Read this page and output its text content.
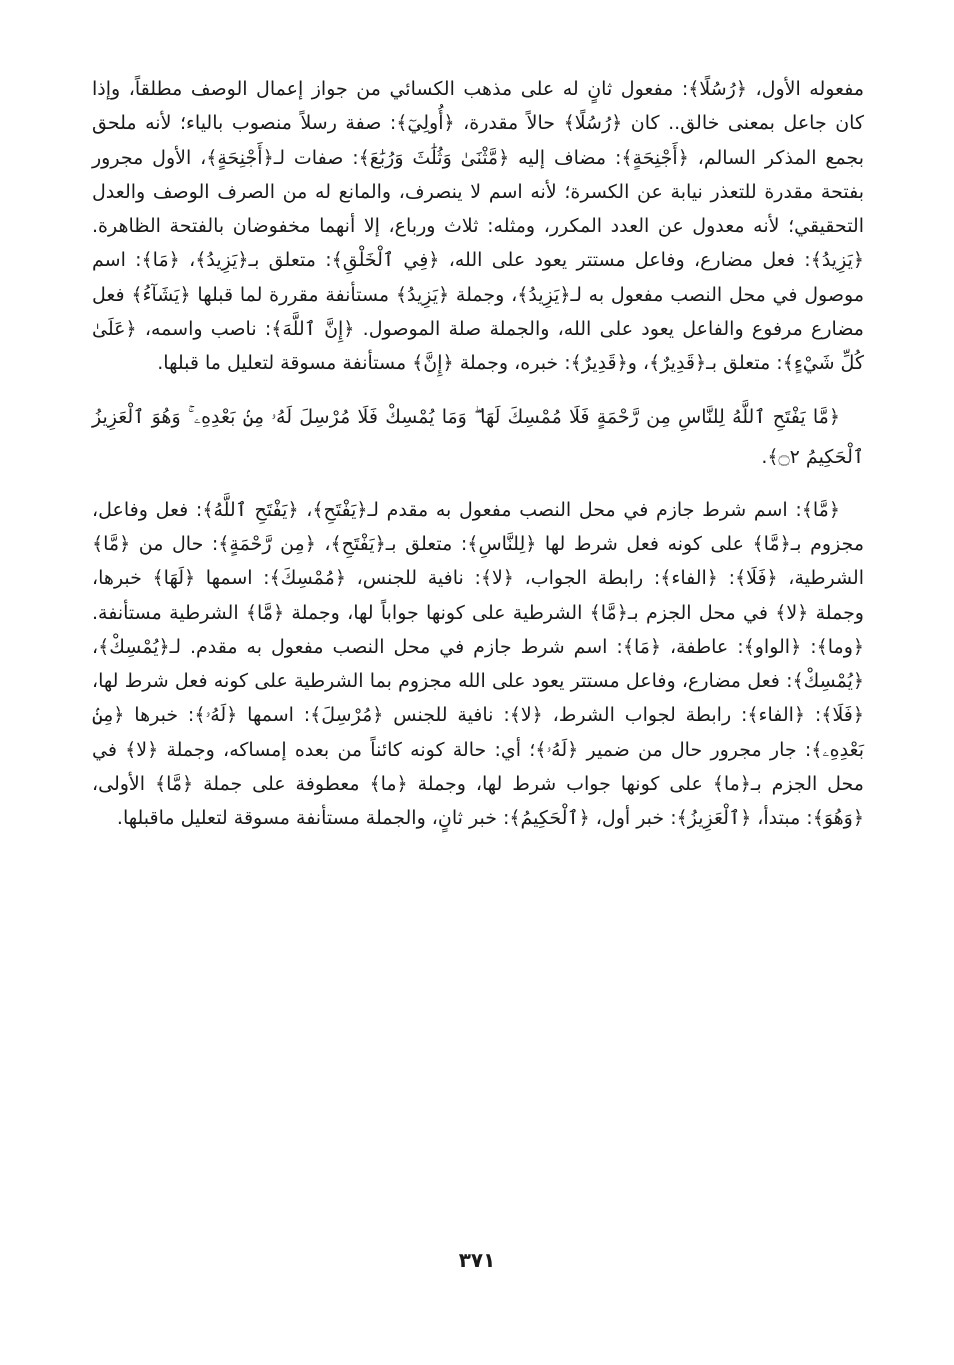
مفعوله الأول، ﴿رُسُلًا﴾: مفعول ثانٍ له على مذهب الكسائي من جواز إعمال الوصف مطلقاً، وإذا كان جاعل بمعنى خالق.. كان ﴿رُسُلًا﴾ حالاً مقدرة، ﴿أُولِيٓ﴾: صفة رسلاً منصوب بالياء؛ لأنه ملحق بجمع المذكر السالم، ﴿أَجْنِحَةٍ﴾: مضاف إليه ﴿مَّثْنَىٰ وَثُلَٰثَ وَرُبَٰعَ﴾: صفات لـ﴿أَجْنِحَةٍ﴾، الأول مجرور بفتحة مقدرة للتعذر نيابة عن الكسرة؛ لأنه اسم لا ينصرف، والمانع له من الصرف الوصف والعدل التحقيقي؛ لأنه معدول عن العدد المكرر، ومثله: ثلاث ورباع، إلا أنهما مخفوضان بالفتحة الظاهرة. ﴿يَزِيدُ﴾: فعل مضارع، وفاعل مستتر يعود على الله، ﴿فِي ٱلْخَلْقِ﴾: متعلق بـ﴿يَزِيدُ﴾، ﴿مَا﴾: اسم موصول في محل النصب مفعول به لـ﴿يَزِيدُ﴾، وجملة ﴿يَزِيدُ﴾ مستأنفة مقررة لما قبلها ﴿يَشَآءُ﴾ فعل مضارع مرفوع والفاعل يعود على الله، والجملة صلة الموصول. ﴿إِنَّ ٱللَّهَ﴾: ناصب واسمه، ﴿عَلَىٰ كُلِّ شَيْءٍ﴾: متعلق بـ﴿قَدِيرٌ﴾، و﴿قَدِيرٌ﴾: خبره، وجملة ﴿إِنَّ﴾ مستأنفة مسوقة لتعليل ما قبلها.

﴿مَّا يَفْتَحِ ٱللَّهُ لِلنَّاسِ مِن رَّحْمَةٍ فَلَا مُمْسِكَ لَهَا ۖ وَمَا يُمْسِكْ فَلَا مُرْسِلَ لَهُۥ مِنۢ بَعْدِهِۦ ۚ وَهُوَ ٱلْعَزِيزُ ٱلْحَكِيمُ ۝٢﴾.

﴿مَّا﴾: اسم شرط جازم في محل النصب مفعول به مقدم لـ﴿يَفْتَحِ﴾، ﴿يَفْتَحِ ٱللَّهُ﴾: فعل وفاعل، مجزوم بـ﴿مَّا﴾ على كونه فعل شرط لها ﴿لِلنَّاسِ﴾: متعلق بـ﴿يَفْتَحِ﴾، ﴿مِن رَّحْمَةٍ﴾: حال من ﴿مَّا﴾ الشرطية، ﴿فَلَا﴾: ﴿الفاء﴾: رابطة الجواب، ﴿لا﴾: نافية للجنس، ﴿مُمْسِكَ﴾: اسمها ﴿لَهَا﴾ خبرها، وجملة ﴿لا﴾ في محل الجزم بـ﴿مَّا﴾ الشرطية على كونها جواباً لها، وجملة ﴿مَّا﴾ الشرطية مستأنفة. ﴿وما﴾: ﴿الواو﴾: عاطفة، ﴿مَا﴾: اسم شرط جازم في محل النصب مفعول به مقدم. لـ﴿يُمْسِكْ﴾، ﴿يُمْسِكْ﴾: فعل مضارع، وفاعل مستتر يعود على الله مجزوم بما الشرطية على كونه فعل شرط لها، ﴿فَلَا﴾: ﴿الفاء﴾: رابطة لجواب الشرط، ﴿لا﴾: نافية للجنس ﴿مُرْسِلَ﴾: اسمها ﴿لَهُۥ﴾: خبرها ﴿مِنۢ بَعْدِهِۦ﴾: جار مجرور حال من ضمير ﴿لَهُۥ﴾؛ أي: حالة كونه كائناً من بعده إمساكه، وجملة ﴿لا﴾ في محل الجزم بـ﴿ما﴾ على كونها جواب شرط لها، وجملة ﴿ما﴾ معطوفة على جملة ﴿مَّا﴾ الأولى، ﴿وَهُوَ﴾: مبتدأ، ﴿ٱلْعَزِيزُ﴾: خبر أول، ﴿ٱلْحَكِيمُ﴾: خبر ثانٍ، والجملة مستأنفة مسوقة لتعليل ماقبلها.

٣٧١
